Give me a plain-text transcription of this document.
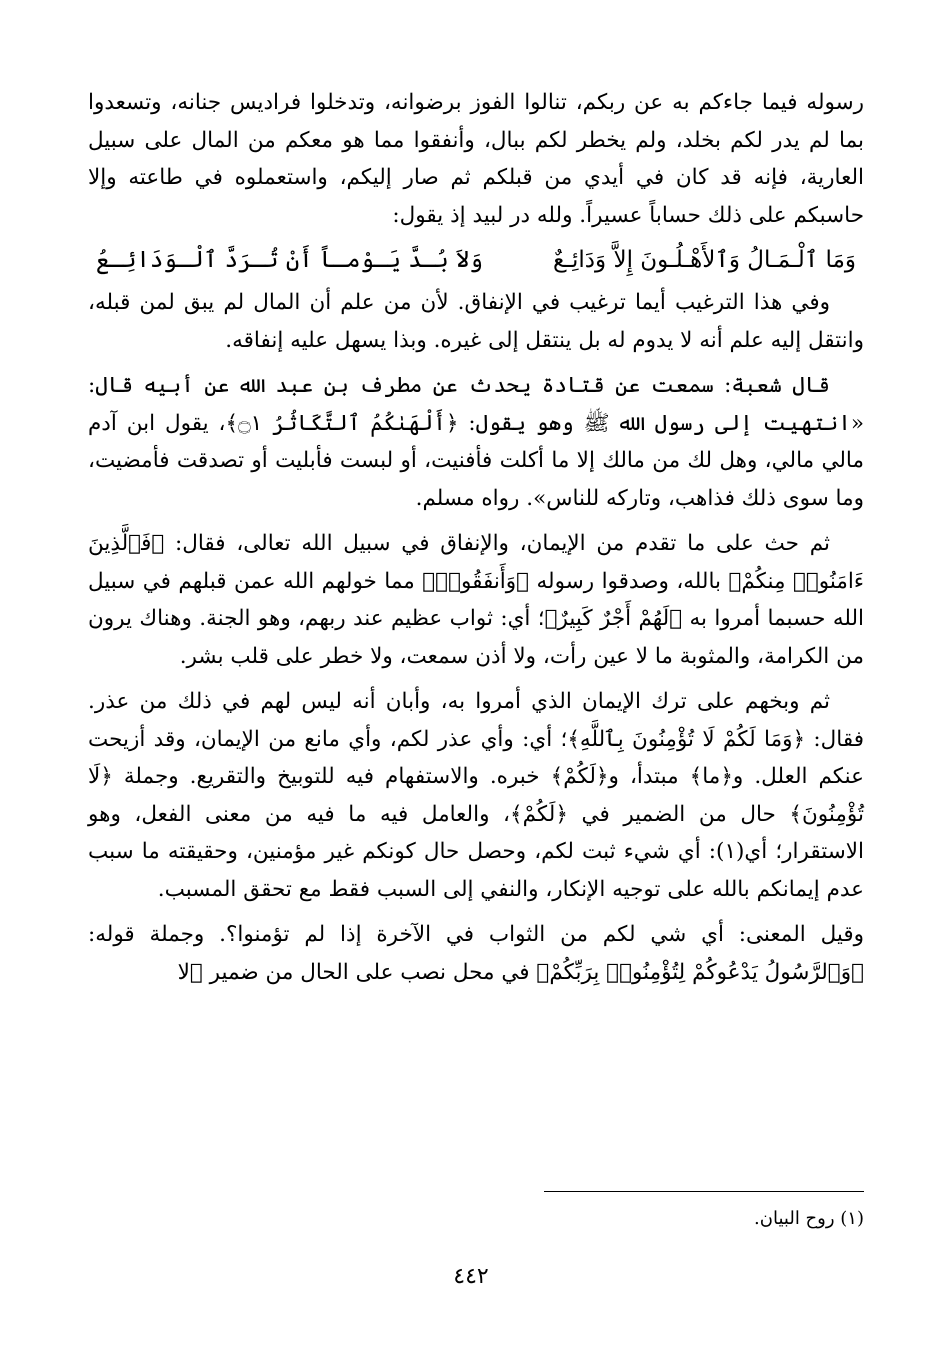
رسوله فيما جاءكم به عن ربكم، تنالوا الفوز برضوانه، وتدخلوا فراديس جنانه، وتسعدوا بما لم يدر لكم بخلد، ولم يخطر لكم ببال، وأنفقوا مما هو معكم من المال على سبيل العارية، فإنه قد كان في أيدي من قبلكم ثم صار إليكم، واستعملوه في طاعته وإلا حاسبكم على ذلك حساباً عسيراً. ولله در لبيد إذ يقول:

وَمَا ٱلْـمَـالُ وَٱلأَهْـلُـونَ إِلاَّ وَدَائِـعٌ
وَلاَ بُـدَّ يَـوْمـاً أَنْ تُـرَدَّ ٱلْـوَدَائِـعُ

وفي هذا الترغيب أيما ترغيب في الإنفاق. لأن من علم أن المال لم يبق لمن قبله، وانتقل إليه علم أنه لا يدوم له بل ينتقل إلى غيره. وبذا يسهل عليه إنفاقه.

قال شعبة: سمعت عن قتادة يحدث عن مطرف بن عبد الله عن أبيه قال: «انتهيت إلى رسول الله ﷺ وهو يقول: ﴿أَلْهَىٰكُمُ ٱلتَّكَاثُرُ ۝١﴾، يقول ابن آدم مالي مالي، وهل لك من مالك إلا ما أكلت فأفنيت، أو لبست فأبليت أو تصدقت فأمضيت، وما سوى ذلك فذاهب، وتاركه للناس». رواه مسلم.

ثم حث على ما تقدم من الإيمان، والإنفاق في سبيل الله تعالى، فقال: ﴿فَٱلَّذِينَ ءَامَنُوا۟ مِنكُمْ﴾ بالله، وصدقوا رسوله ﴿وَأَنفَقُوا۟﴾ مما خولهم الله عمن قبلهم في سبيل الله حسبما أمروا به ﴿لَهُمْ أَجْرٌ كَبِيرٌ﴾؛ أي: ثواب عظيم عند ربهم، وهو الجنة. وهناك يرون من الكرامة، والمثوبة ما لا عين رأت، ولا أذن سمعت، ولا خطر على قلب بشر.

ثم وبخهم على ترك الإيمان الذي أمروا به، وأبان أنه ليس لهم في ذلك من عذر. فقال: ﴿وَمَا لَكُمْ لَا تُؤْمِنُونَ بِٱللَّهِ﴾؛ أي: وأي عذر لكم، وأي مانع من الإيمان، وقد أزيحت عنكم العلل. و﴿ما﴾ مبتدأ، و﴿لَكُمْ﴾ خبره. والاستفهام فيه للتوبيخ والتقريع. وجملة ﴿لَا تُؤْمِنُونَ﴾ حال من الضمير في ﴿لَكُمْ﴾، والعامل فيه ما فيه من معنى الفعل، وهو الاستقرار؛ أي(١): أي شيء ثبت لكم، وحصل حال كونكم غير مؤمنين، وحقيقته ما سبب عدم إيمانكم بالله على توجيه الإنكار، والنفي إلى السبب فقط مع تحقق المسبب.

وقيل المعنى: أي شي لكم من الثواب في الآخرة إذا لم تؤمنوا؟. وجملة قوله: ﴿وَٱلرَّسُولُ يَدْعُوكُمْ لِتُؤْمِنُوا۟ بِرَبِّكُمْ﴾ في محل نصب على الحال من ضمير ﴿لا

(١) روح البيان.
٤٤٢
